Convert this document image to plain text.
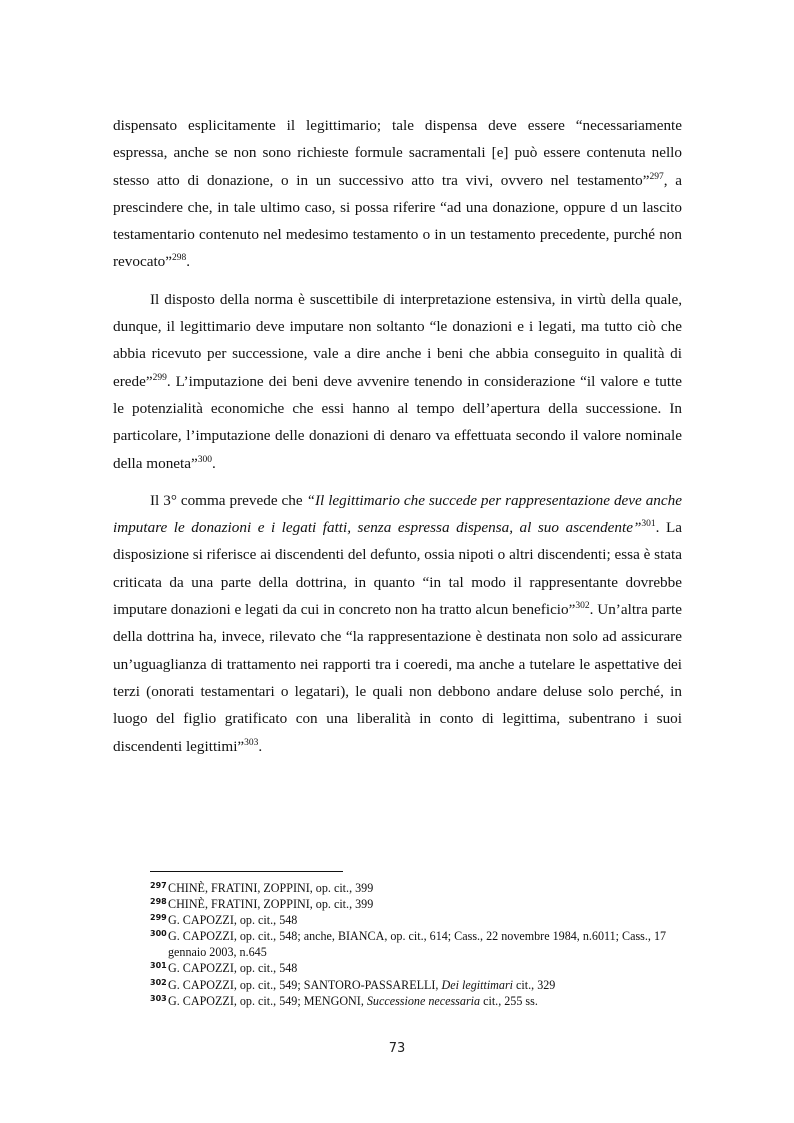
dispensato esplicitamente il legittimario; tale dispensa deve essere “necessariamente espressa, anche se non sono richieste formule sacramentali [e] può essere contenuta nello stesso atto di donazione, o in un successivo atto tra vivi, ovvero nel testamento”$^{297}$, a prescindere che, in tale ultimo caso, si possa riferire “ad una donazione, oppure d un lascito testamentario contenuto nel medesimo testamento o in un testamento precedente, purché non revocato”$^{298}$.

Il disposto della norma è suscettibile di interpretazione estensiva, in virtù della quale, dunque, il legittimario deve imputare non soltanto “le donazioni e i legati, ma tutto ciò che abbia ricevuto per successione, vale a dire anche i beni che abbia conseguito in qualità di erede”$^{299}$. L’imputazione dei beni deve avvenire tenendo in considerazione “il valore e tutte le potenzialità economiche che essi hanno al tempo dell’apertura della successione. In particolare, l’imputazione delle donazioni di denaro va effettuata secondo il valore nominale della moneta”$^{300}$.

Il 3° comma prevede che “Il legittimario che succede per rappresentazione deve anche imputare le donazioni e i legati fatti, senza espressa dispensa, al suo ascendente”$^{301}$. La disposizione si riferisce ai discendenti del defunto, ossia nipoti o altri discendenti; essa è stata criticata da una parte della dottrina, in quanto “in tal modo il rappresentante dovrebbe imputare donazioni e legati da cui in concreto non ha tratto alcun beneficio”$^{302}$. Un’altra parte della dottrina ha, invece, rilevato che “la rappresentazione è destinata non solo ad assicurare un’uguaglianza di trattamento nei rapporti tra i coeredi, ma anche a tutelare le aspettative dei terzi (onorati testamentari o legatari), le quali non debbono andare deluse solo perché, in luogo del figlio gratificato con una liberalità in conto di legittima, subentrano i suoi discendenti legittimi”$^{303}$.

297 CHINÈ, FRATINI, ZOPPINI, op. cit., 399
298 CHINÈ, FRATINI, ZOPPINI, op. cit., 399
299 G. CAPOZZI, op. cit., 548
300 G. CAPOZZI, op. cit., 548; anche, BIANCA, op. cit., 614; Cass., 22 novembre 1984, n.6011; Cass., 17 gennaio 2003, n.645
301 G. CAPOZZI, op. cit., 548
302 G. CAPOZZI, op. cit., 549; SANTORO-PASSARELLI, Dei legittimari cit., 329
303 G. CAPOZZI, op. cit., 549; MENGONI, Successione necessaria cit., 255 ss.
73
